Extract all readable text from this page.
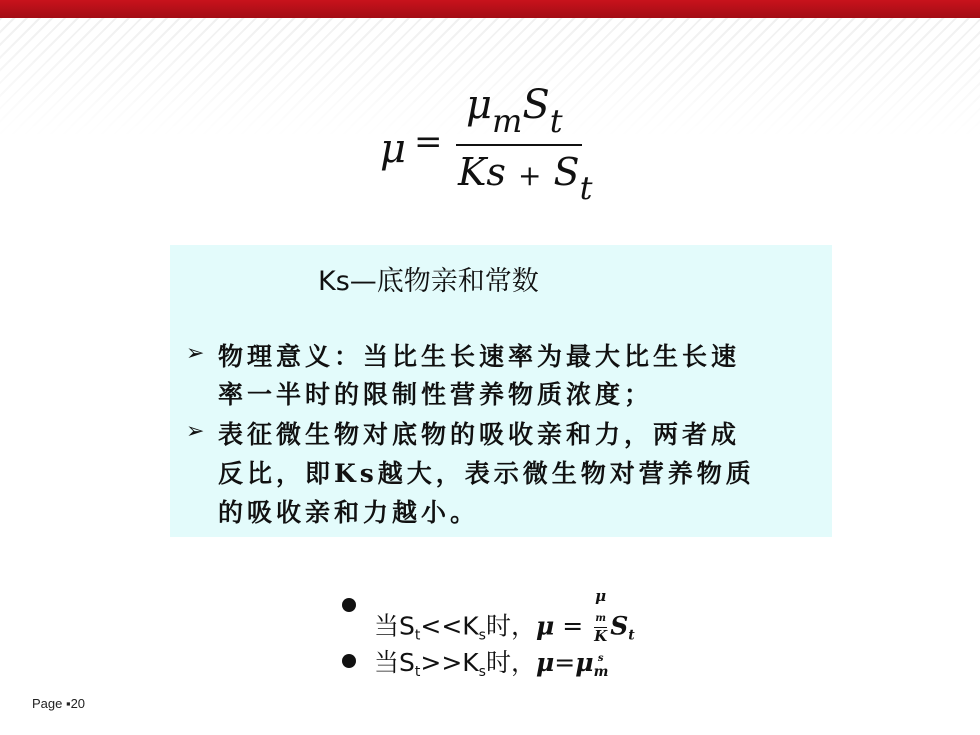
μ =
$\mu_mS_t$
$Ks + S_t$
Ks—底物亲和常数
➢ 物理意义：当比生长速率为最大比生长速
率一半时的限制性营养物质浓度；
➢ 表征微生物对底物的吸收亲和力，两者成
反比，即Ks越大，表示微生物对营养物质
的吸收亲和力越小。
当$S_t<<K_s$时，μ = μ
$_m$
K
$_s$ $S_t$
当$S_t>>K_s$时，$\mu=\mu_m$
Page ▪20
